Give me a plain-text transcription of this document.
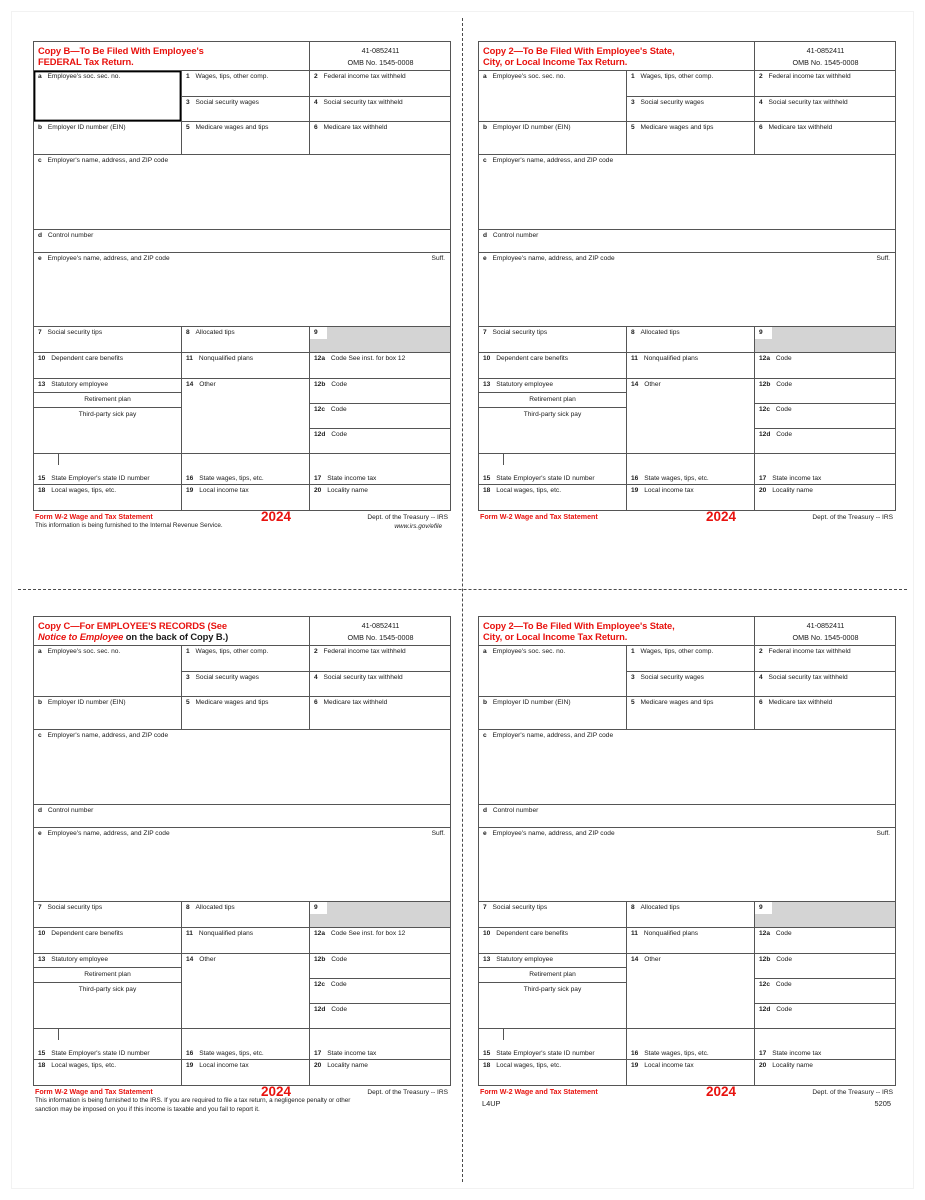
Copy B—To Be Filed With Employee's
FEDERAL Tax Return.		41-0852411
OMB No. 1545-0008
a Employee's soc. sec. no.	1 Wages, tips, other comp.	2 Federal income tax withheld
	3 Social security wages	4 Social security tax withheld
b Employer ID number (EIN)	5 Medicare wages and tips	6 Medicare tax withheld
c Employer's name, address, and ZIP code		
d Control number		
e Employee's name, address, and ZIP code Suff.		

7 Social security tips	8 Allocated tips	9
10 Dependent care benefits	11 Nonqualified plans	12a Code See inst. for box 12

13 Statutory employee
Retirement plan
Third-party sick pay	14 Other	12b Code
		12c Code
		12d Code

15 State Employer's state ID number	16 State wages, tips, etc.	17 State income tax
18 Local wages, tips, etc.	19 Local income tax	20 Locality name
Form W-2 Wage and Tax Statement	2024	Dept. of the Treasury -- IRS
This information is being furnished to the Internal Revenue Service.	www.irs.gov/efile
Copy 2—To Be Filed With Employee's State,
City, or Local Income Tax Return.		41-0852411
OMB No. 1545-0008
a Employee's soc. sec. no.	1 Wages, tips, other comp.	2 Federal income tax withheld
	3 Social security wages	4 Social security tax withheld
b Employer ID number (EIN)	5 Medicare wages and tips	6 Medicare tax withheld
c Employer's name, address, and ZIP code		
d Control number		
e Employee's name, address, and ZIP code Suff.		

7 Social security tips	8 Allocated tips	9
10 Dependent care benefits	11 Nonqualified plans	12a Code

13 Statutory employee
Retirement plan
Third-party sick pay	14 Other	12b Code
		12c Code
		12d Code

15 State Employer's state ID number	16 State wages, tips, etc.	17 State income tax
18 Local wages, tips, etc.	19 Local income tax	20 Locality name
Form W-2 Wage and Tax Statement	2024	Dept. of the Treasury -- IRS
Copy C—For EMPLOYEE'S RECORDS (See
Notice to Employee on the back of Copy B.)		41-0852411
OMB No. 1545-0008
a Employee's soc. sec. no.	1 Wages, tips, other comp.	2 Federal income tax withheld
	3 Social security wages	4 Social security tax withheld
b Employer ID number (EIN)	5 Medicare wages and tips	6 Medicare tax withheld
c Employer's name, address, and ZIP code		
d Control number		
e Employee's name, address, and ZIP code Suff.		

7 Social security tips	8 Allocated tips	9
10 Dependent care benefits	11 Nonqualified plans	12a Code See inst. for box 12

13 Statutory employee
Retirement plan
Third-party sick pay	14 Other	12b Code
		12c Code
		12d Code

15 State Employer's state ID number	16 State wages, tips, etc.	17 State income tax
18 Local wages, tips, etc.	19 Local income tax	20 Locality name
Form W-2 Wage and Tax Statement	2024	Dept. of the Treasury -- IRS
This information is being furnished to the IRS. If you are required to file a tax return, a negligence penalty or other sanction may be imposed on you if this income is taxable and you fail to report it.
Copy 2—To Be Filed With Employee's State,
City, or Local Income Tax Return.		41-0852411
OMB No. 1545-0008
a Employee's soc. sec. no.	1 Wages, tips, other comp.	2 Federal income tax withheld
	3 Social security wages	4 Social security tax withheld
b Employer ID number (EIN)	5 Medicare wages and tips	6 Medicare tax withheld
c Employer's name, address, and ZIP code		
d Control number		
e Employee's name, address, and ZIP code Suff.		

7 Social security tips	8 Allocated tips	9
10 Dependent care benefits	11 Nonqualified plans	12a Code

13 Statutory employee
Retirement plan
Third-party sick pay	14 Other	12b Code
		12c Code
		12d Code

15 State Employer's state ID number	16 State wages, tips, etc.	17 State income tax
18 Local wages, tips, etc.	19 Local income tax	20 Locality name
Form W-2 Wage and Tax Statement	2024	Dept. of the Treasury -- IRS
L4UP	5205
